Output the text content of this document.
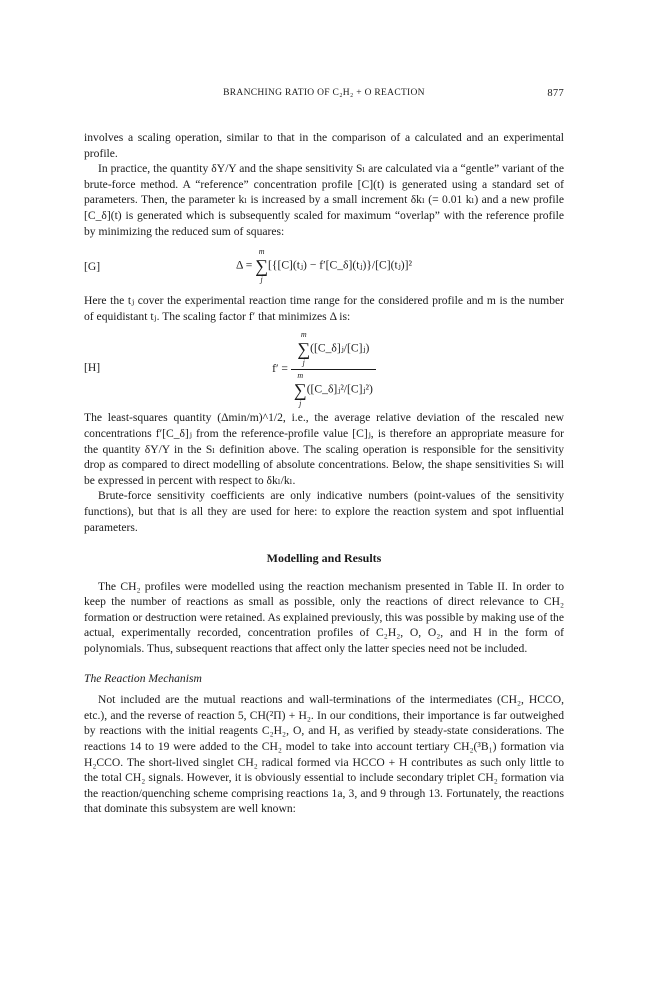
BRANCHING RATIO OF C₂H₂ + O REACTION	877

involves a scaling operation, similar to that in the comparison of a calculated and an experimental profile.

In practice, the quantity δY/Y and the shape sensitivity Sₗ are calculated via a “gentle” variant of the brute-force method. A “reference” concentration profile [C](t) is generated using a standard set of parameters. Then, the parameter kₗ is increased by a small increment δkₗ (= 0.01 kₗ) and a new profile [C_δ](t) is generated which is subsequently scaled for maximum “overlap” with the reference profile by minimizing the reduced sum of squares:

[G]	Δ =
m
∑
j
[{[C](tⱼ) − f′[C_δ](tⱼ)}/[C](tⱼ)]²

Here the tⱼ cover the experimental reaction time range for the considered profile and m is the number of equidistant tⱼ. The scaling factor f′ that minimizes Δ is:

[H]	f′ = m
∑
j
([C_δ]ⱼ/[C]ⱼ)
m
∑
j
([C_δ]ⱼ²/[C]ⱼ²)

The least-squares quantity (Δmin/m)^1/2, i.e., the average relative deviation of the rescaled new concentrations f′[C_δ]ⱼ from the reference-profile value [C]ⱼ, is therefore an appropriate measure for the quantity δY/Y in the Sₗ definition above. The scaling operation is responsible for the sensitivity drop as compared to direct modelling of absolute concentrations. Below, the shape sensitivities Sₗ will be expressed in percent with respect to δkₗ/kₗ.

Brute-force sensitivity coefficients are only indicative numbers (point-values of the sensitivity functions), but that is all they are used for here: to explore the reaction system and spot influential parameters.

Modelling and Results

The CH₂ profiles were modelled using the reaction mechanism presented in Table II. In order to keep the number of reactions as small as possible, only the reactions of direct relevance to CH₂ formation or destruction were retained. As explained previously, this was possible by making use of the actual, experimentally recorded, concentration profiles of C₂H₂, O, O₂, and H in the form of polynomials. Thus, subsequent reactions that affect only the latter species need not be included.

The Reaction Mechanism

Not included are the mutual reactions and wall-terminations of the intermediates (CH₂, HCCO, etc.), and the reverse of reaction 5, CH(²Π) + H₂. In our conditions, their importance is far outweighed by reactions with the initial reagents C₂H₂, O, and H, as verified by steady-state considerations. The reactions 14 to 19 were added to the CH₂ model to take into account tertiary CH₂(³B₁) formation via H₂CCO. The short-lived singlet CH₂ radical formed via HCCO + H contributes as such only little to the total CH₂ signals. However, it is obviously essential to include secondary triplet CH₂ formation via the reaction/quenching scheme comprising reactions 1a, 3, and 9 through 13. Fortunately, the reactions that dominate this subsystem are well known:
